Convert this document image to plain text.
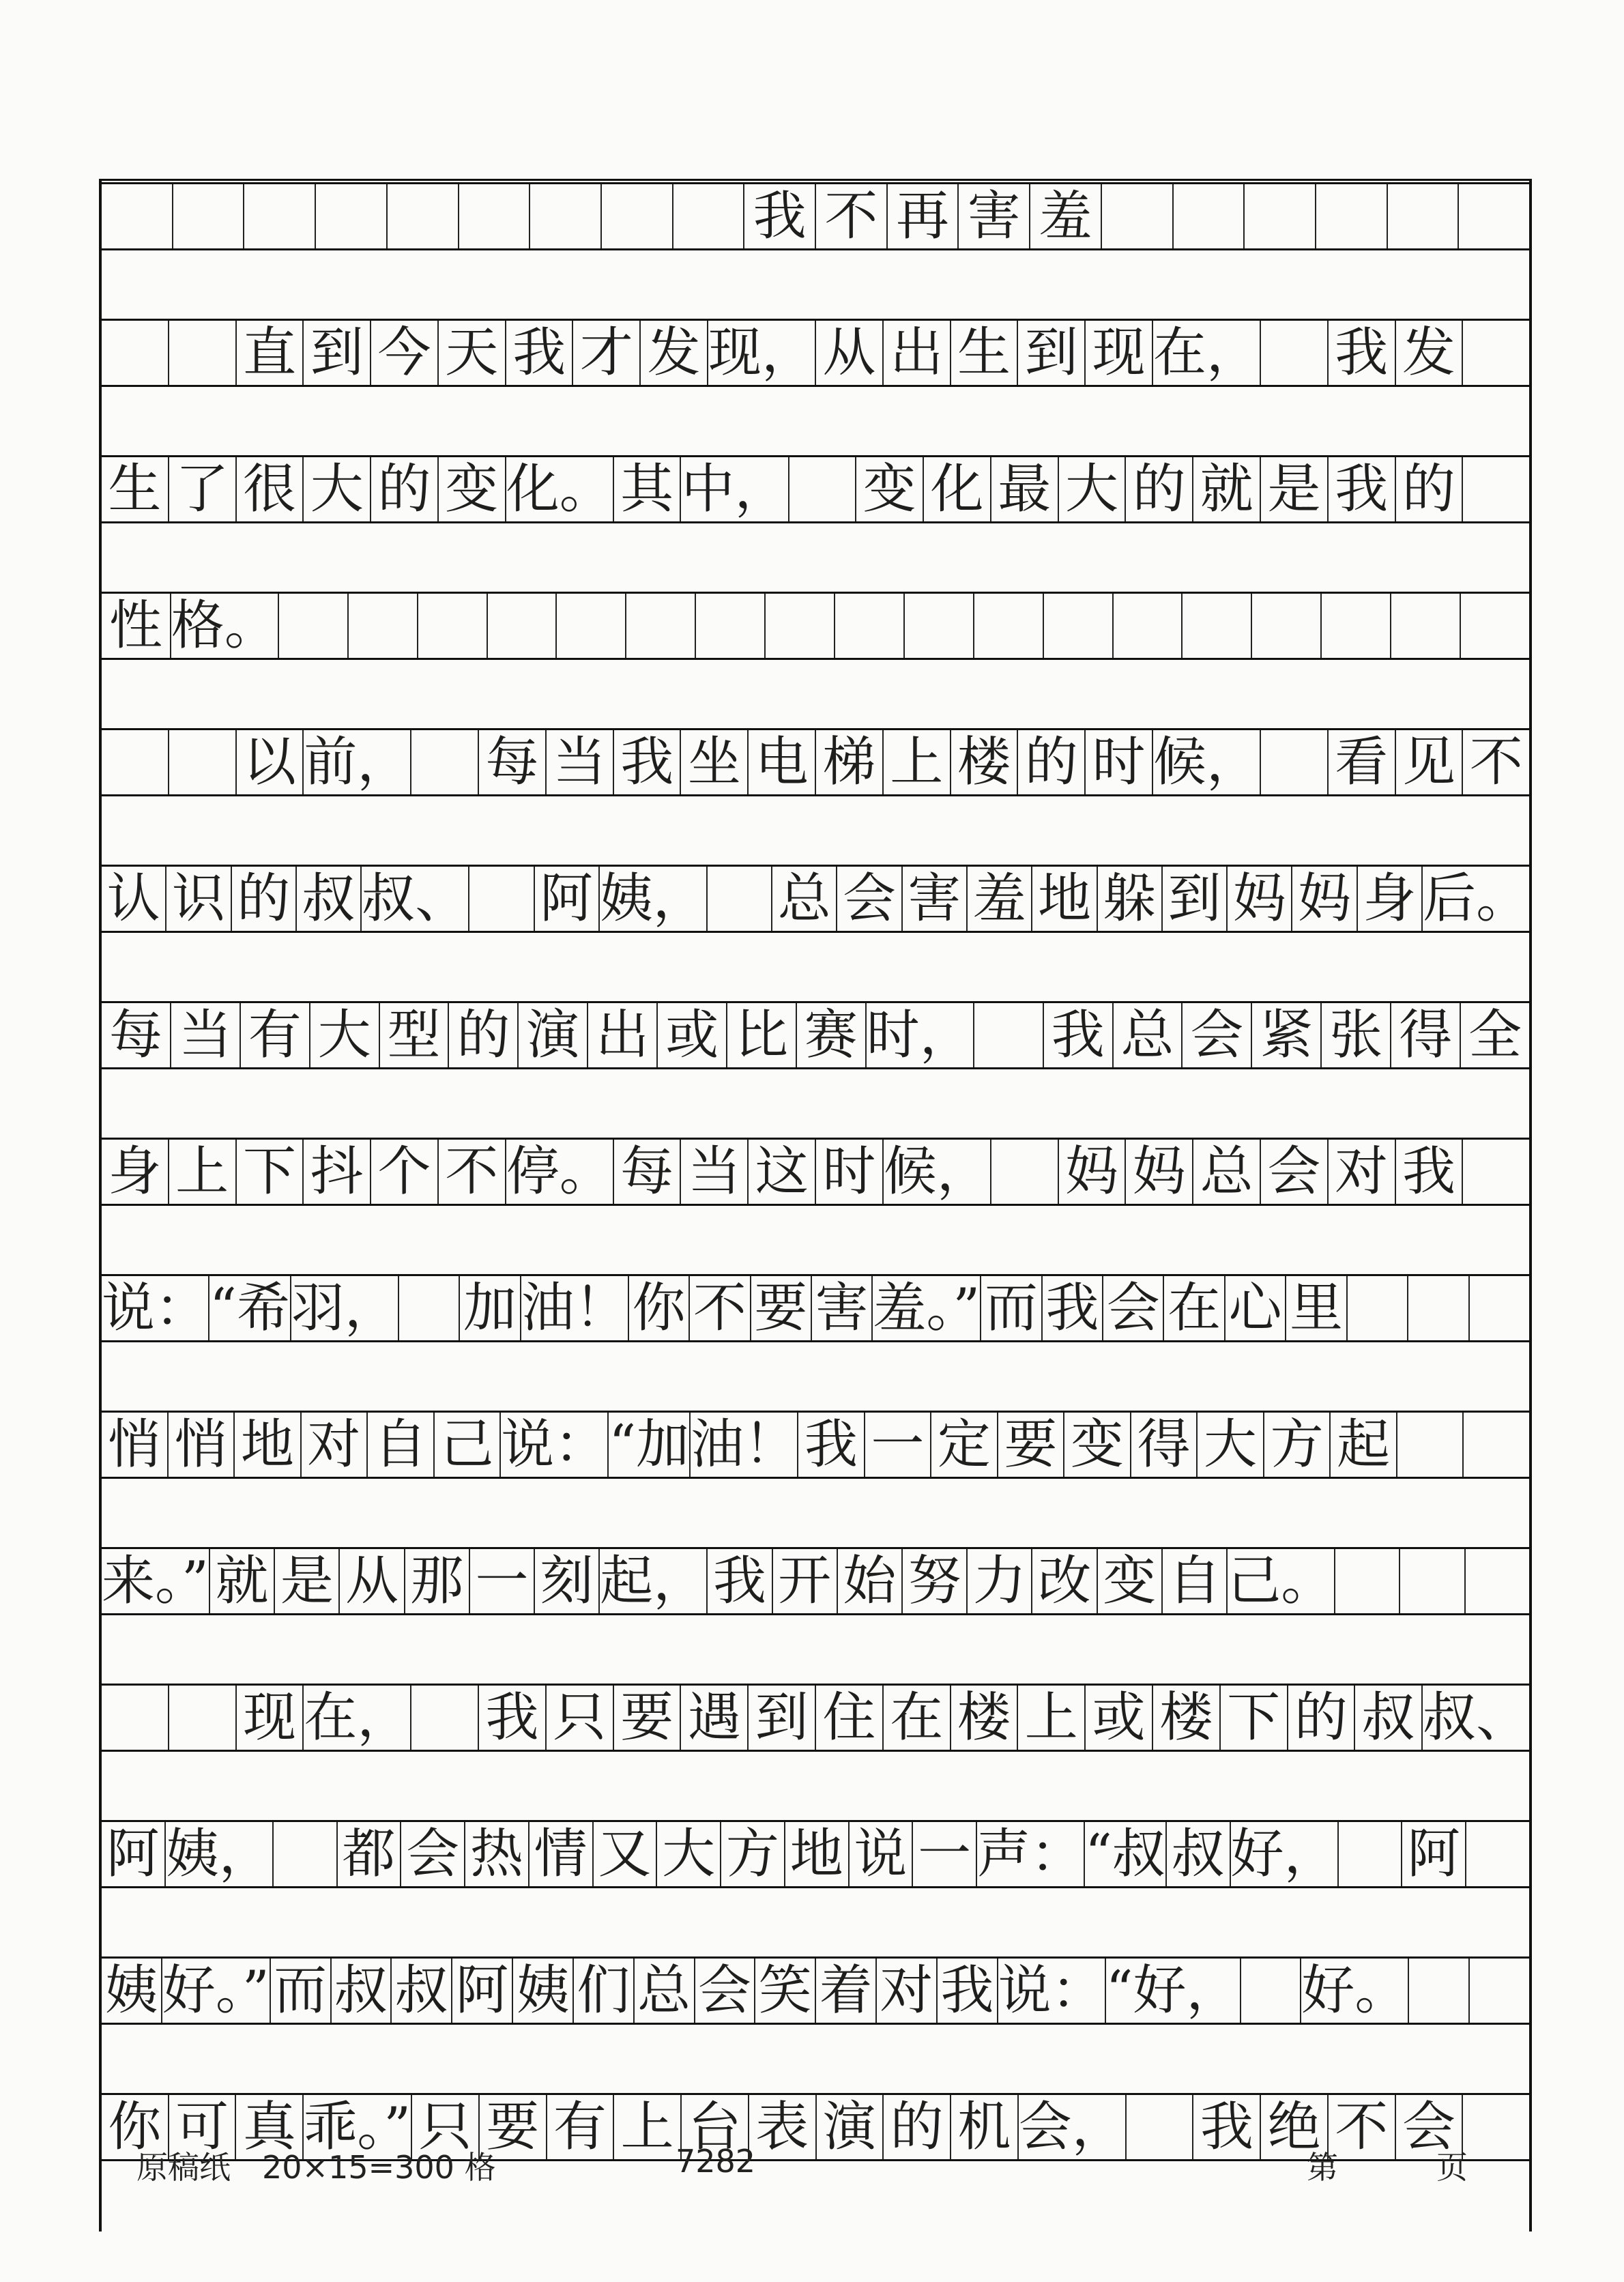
我 不 再 害 羞
直 到 今 天 我 才 发 现， 从 出 生 到 现 在， 我 发
生 了 很 大 的 变 化。 其 中， 变 化 最 大 的 就 是 我 的
性 格。
以 前， 每 当 我 坐 电 梯 上 楼 的 时 候， 看 见 不
认 识 的 叔 叔、 阿 姨， 总 会 害 羞 地 躲 到 妈 妈 身 后。
每 当 有 大 型 的 演 出 或 比 赛 时， 我 总 会 紧 张 得 全
身 上 下 抖 个 不 停。 每 当 这 时 候， 妈 妈 总 会 对 我
说： “希 羽， 加 油！ 你 不 要 害 羞。” 而 我 会 在 心 里
悄 悄 地 对 自 己 说： “加 油！ 我 一 定 要 变 得 大 方 起
来。” 就 是 从 那 一 刻 起， 我 开 始 努 力 改 变 自 己。
现 在， 我 只 要 遇 到 住 在 楼 上 或 楼 下 的 叔 叔、
阿 姨， 都 会 热 情 又 大 方 地 说 一 声： “叔 叔 好， 阿
姨 好。” 而 叔 叔 阿 姨 们 总 会 笑 着 对 我 说： “好， 好。
你 可 真 乖。” 只 要 有 上 台 表 演 的 机 会， 我 绝 不 会
原稿纸　20×15=300 格	7282	第	页
